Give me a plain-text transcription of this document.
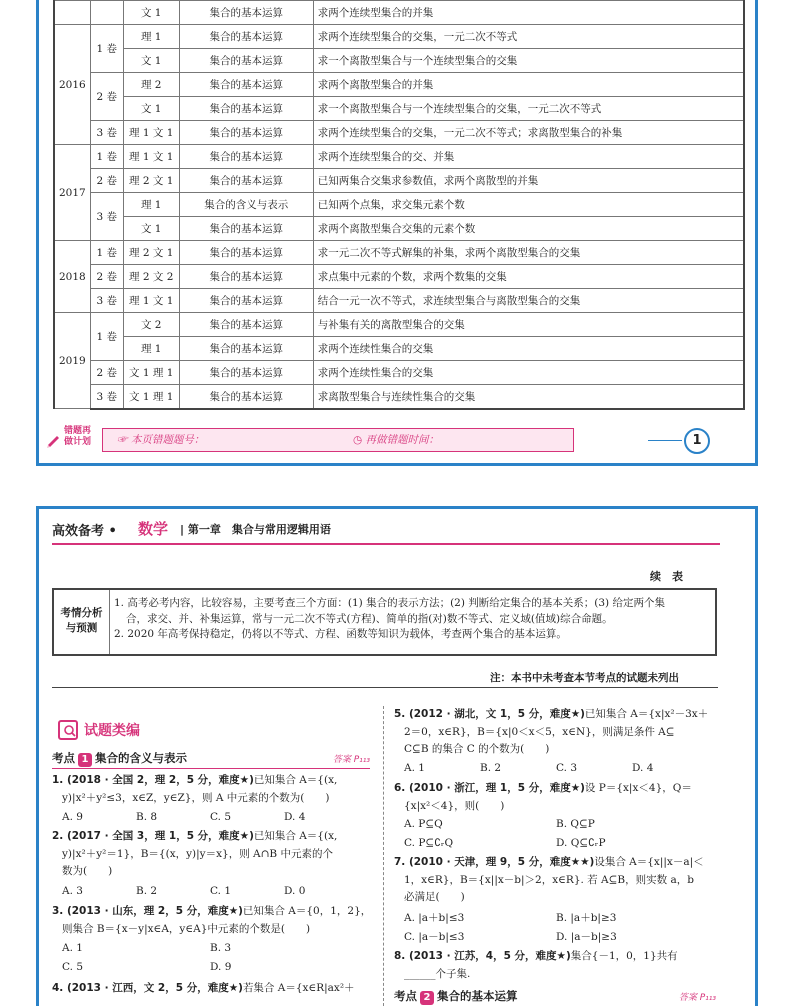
		文 1	集合的基本运算	求两个连续型集合的并集
2016	1 卷	理 1	集合的基本运算	求两个连续型集合的交集，一元二次不等式
		文 1	集合的基本运算	求一个离散型集合与一个连续型集合的交集
	2 卷	理 2	集合的基本运算	求两个离散型集合的并集
		文 1	集合的基本运算	求一个离散型集合与一个连续型集合的交集，一元二次不等式
	3 卷	理 1 文 1	集合的基本运算	求两个连续型集合的交集，一元二次不等式；求离散型集合的补集
2017	1 卷	理 1 文 1	集合的基本运算	求两个连续型集合的交、并集
	2 卷	理 2 文 1	集合的基本运算	已知两集合交集求参数值，求两个离散型的并集
	3 卷	理 1	集合的含义与表示	已知两个点集，求交集元素个数
		文 1	集合的基本运算	求两个离散型集合交集的元素个数
2018	1 卷	理 2 文 1	集合的基本运算	求一元二次不等式解集的补集，求两个离散型集合的交集
	2 卷	理 2 文 2	集合的基本运算	求点集中元素的个数，求两个数集的交集
	3 卷	理 1 文 1	集合的基本运算	结合一元一次不等式，求连续型集合与离散型集合的交集
2019	1 卷	文 2	集合的基本运算	与补集有关的离散型集合的交集
		理 1	集合的基本运算	求两个连续性集合的交集
	2 卷	文 1 理 1	集合的基本运算	求两个连续性集合的交集
	3 卷	文 1 理 1	集合的基本运算	求离散型集合与连续性集合的交集
错题再
做计划	☞ 本页错题题号：	◷ 再做错题时间：	1
高效备考 • 数学 | 第一章　集合与常用逻辑用语
续　表
考情分析
与预测
1. 高考必考内容，比较容易，主要考查三个方面：(1) 集合的表示方法；(2) 判断给定集合的基本关系；(3) 给定两个集
合，求交、并、补集运算，常与一元二次不等式(方程)、简单的指(对)数不等式、定义域(值域)综合命题。
2. 2020 年高考保持稳定，仍将以不等式、方程、函数等知识为载体，考查两个集合的基本运算。
注：本书中未考查本节考点的试题未列出
试题类编
考点 1 集合的含义与表示	答案 P₁₁₃
1. (2018 · 全国 2，理 2，5 分，难度★)已知集合 A＝{(x,
y)|x²＋y²≤3，x∈Z，y∈Z}，则 A 中元素的个数为(　　)
A. 9	B. 8	C. 5	D. 4
2. (2017 · 全国 3，理 1，5 分，难度★)已知集合 A＝{(x,
y)|x²＋y²＝1}，B＝{(x，y)|y＝x}，则 A∩B 中元素的个
数为(　　)
A. 3	B. 2	C. 1	D. 0
3. (2013 · 山东，理 2，5 分，难度★)已知集合 A＝{0，1，2}，
则集合 B＝{x－y|x∈A，y∈A}中元素的个数是(　　)
A. 1	B. 3
C. 5	D. 9
4. (2013 · 江西，文 2，5 分，难度★)若集合 A＝{x∈R|ax²＋
5. (2012 · 湖北，文 1，5 分，难度★)已知集合 A＝{x|x²－3x＋
2＝0，x∈R}，B＝{x|0＜x＜5，x∈N}，则满足条件 A⊆
C⊆B 的集合 C 的个数为(　　)
A. 1	B. 2	C. 3	D. 4
6. (2010 · 浙江，理 1，5 分，难度★)设 P＝{x|x＜4}，Q＝
{x|x²＜4}，则(　　)
A. P⊆Q	B. Q⊆P
C. P⊆∁ᵣQ	D. Q⊆∁ᵣP
7. (2010 · 天津，理 9，5 分，难度★★)设集合 A＝{x||x－a|＜
1，x∈R}，B＝{x||x－b|＞2，x∈R}. 若 A⊆B，则实数 a，b
必满足(　　)
A. |a＋b|≤3	B. |a＋b|≥3
C. |a－b|≤3	D. |a－b|≥3
8. (2013 · 江苏，4，5 分，难度★)集合{－1，0，1}共有
______个子集.
考点 2 集合的基本运算	答案 P₁₁₃
